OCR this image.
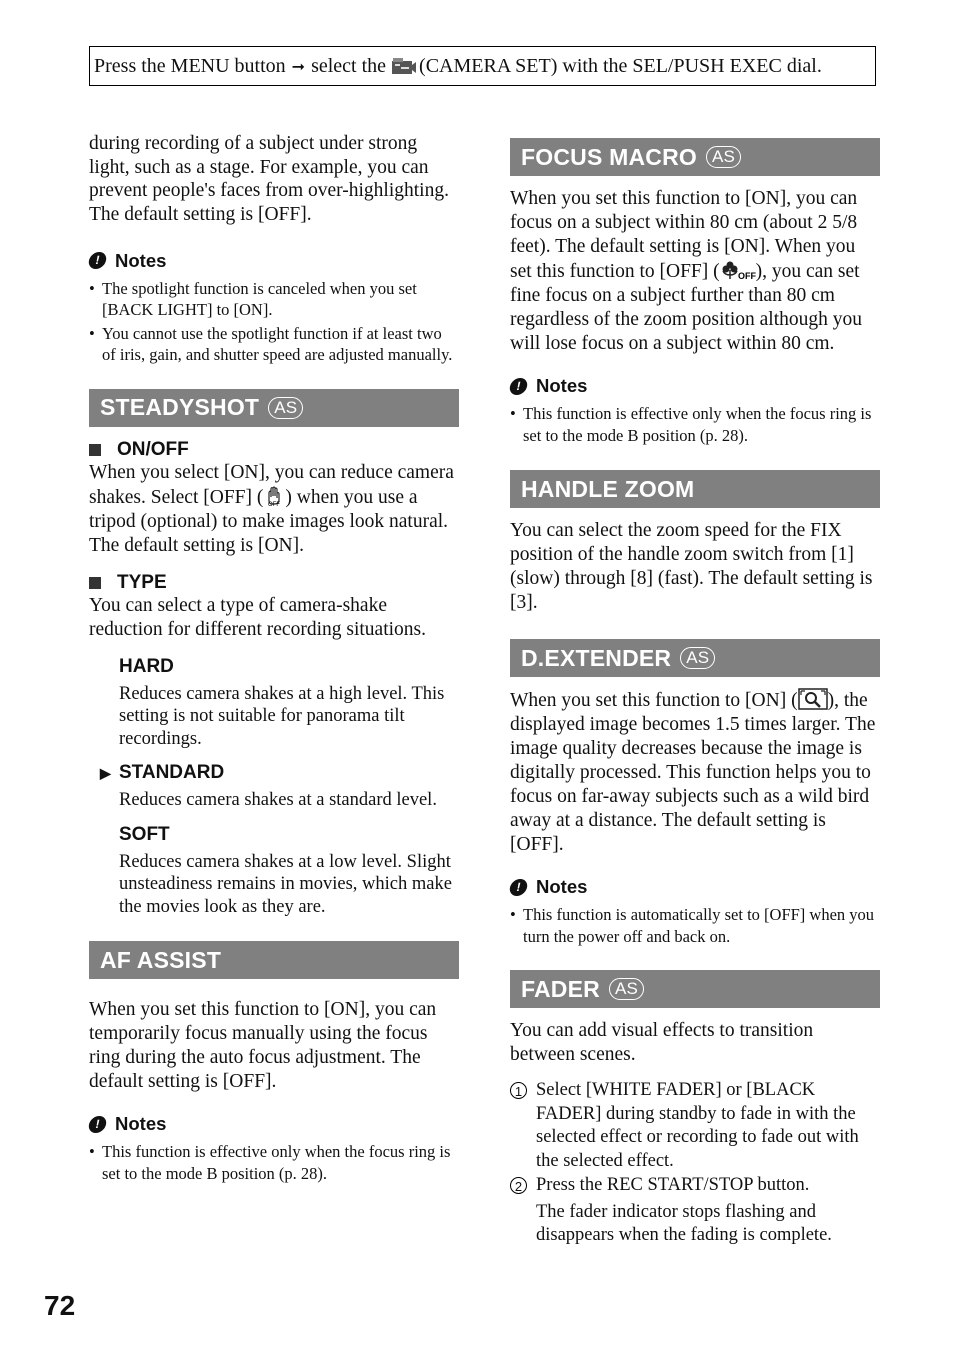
Press the MENU button ➞ select the (CAMERA SET) with the SEL/PUSH EXEC dial.

during recording of a subject under strong light, such as a stage. For example, you can prevent people's faces from over-highlighting. The default setting is [OFF].

! Notes
• The spotlight function is canceled when you set [BACK LIGHT] to [ON].
• You cannot use the spotlight function if at least two of iris, gain, and shutter speed are adjusted manually.
STEADYSHOT AS
ON/OFF

When you select [ON], you can reduce camera shakes. Select [OFF] ( OFF ) when you use a tripod (optional) to make images look natural. The default setting is [ON].

TYPE

You can select a type of camera-shake reduction for different recording situations.

HARD

Reduces camera shakes at a high level. This setting is not suitable for panorama tilt recordings.

▶ STANDARD

Reduces camera shakes at a standard level.

SOFT

Reduces camera shakes at a low level. Slight unsteadiness remains in movies, which make the movies look as they are.

AF ASSIST

When you set this function to [ON], you can temporarily focus manually using the focus ring during the auto focus adjustment. The default setting is [OFF].

! Notes
• This function is effective only when the focus ring is set to the mode B position (p. 28).
FOCUS MACRO AS

When you set this function to [ON], you can focus on a subject within 80 cm (about 2 5/8 feet). The default setting is [ON]. When you set this function to [OFF] ( OFF ), you can set fine focus on a subject further than 80 cm regardless of the zoom position although you will lose focus on a subject within 80 cm.

! Notes
• This function is effective only when the focus ring is set to the mode B position (p. 28).
HANDLE ZOOM

You can select the zoom speed for the FIX position of the handle zoom switch from [1] (slow) through [8] (fast). The default setting is [3].

D.EXTENDER AS

When you set this function to [ON] ( ), the displayed image becomes 1.5 times larger. The image quality decreases because the image is digitally processed. This function helps you to focus on far-away subjects such as a wild bird away at a distance. The default setting is [OFF].

! Notes
• This function is automatically set to [OFF] when you turn the power off and back on.
FADER AS

You can add visual effects to transition between scenes.

1 Select [WHITE FADER] or [BLACK FADER] during standby to fade in with the selected effect or recording to fade out with the selected effect.
2 Press the REC START/STOP button.
The fader indicator stops flashing and disappears when the fading is complete.
72
